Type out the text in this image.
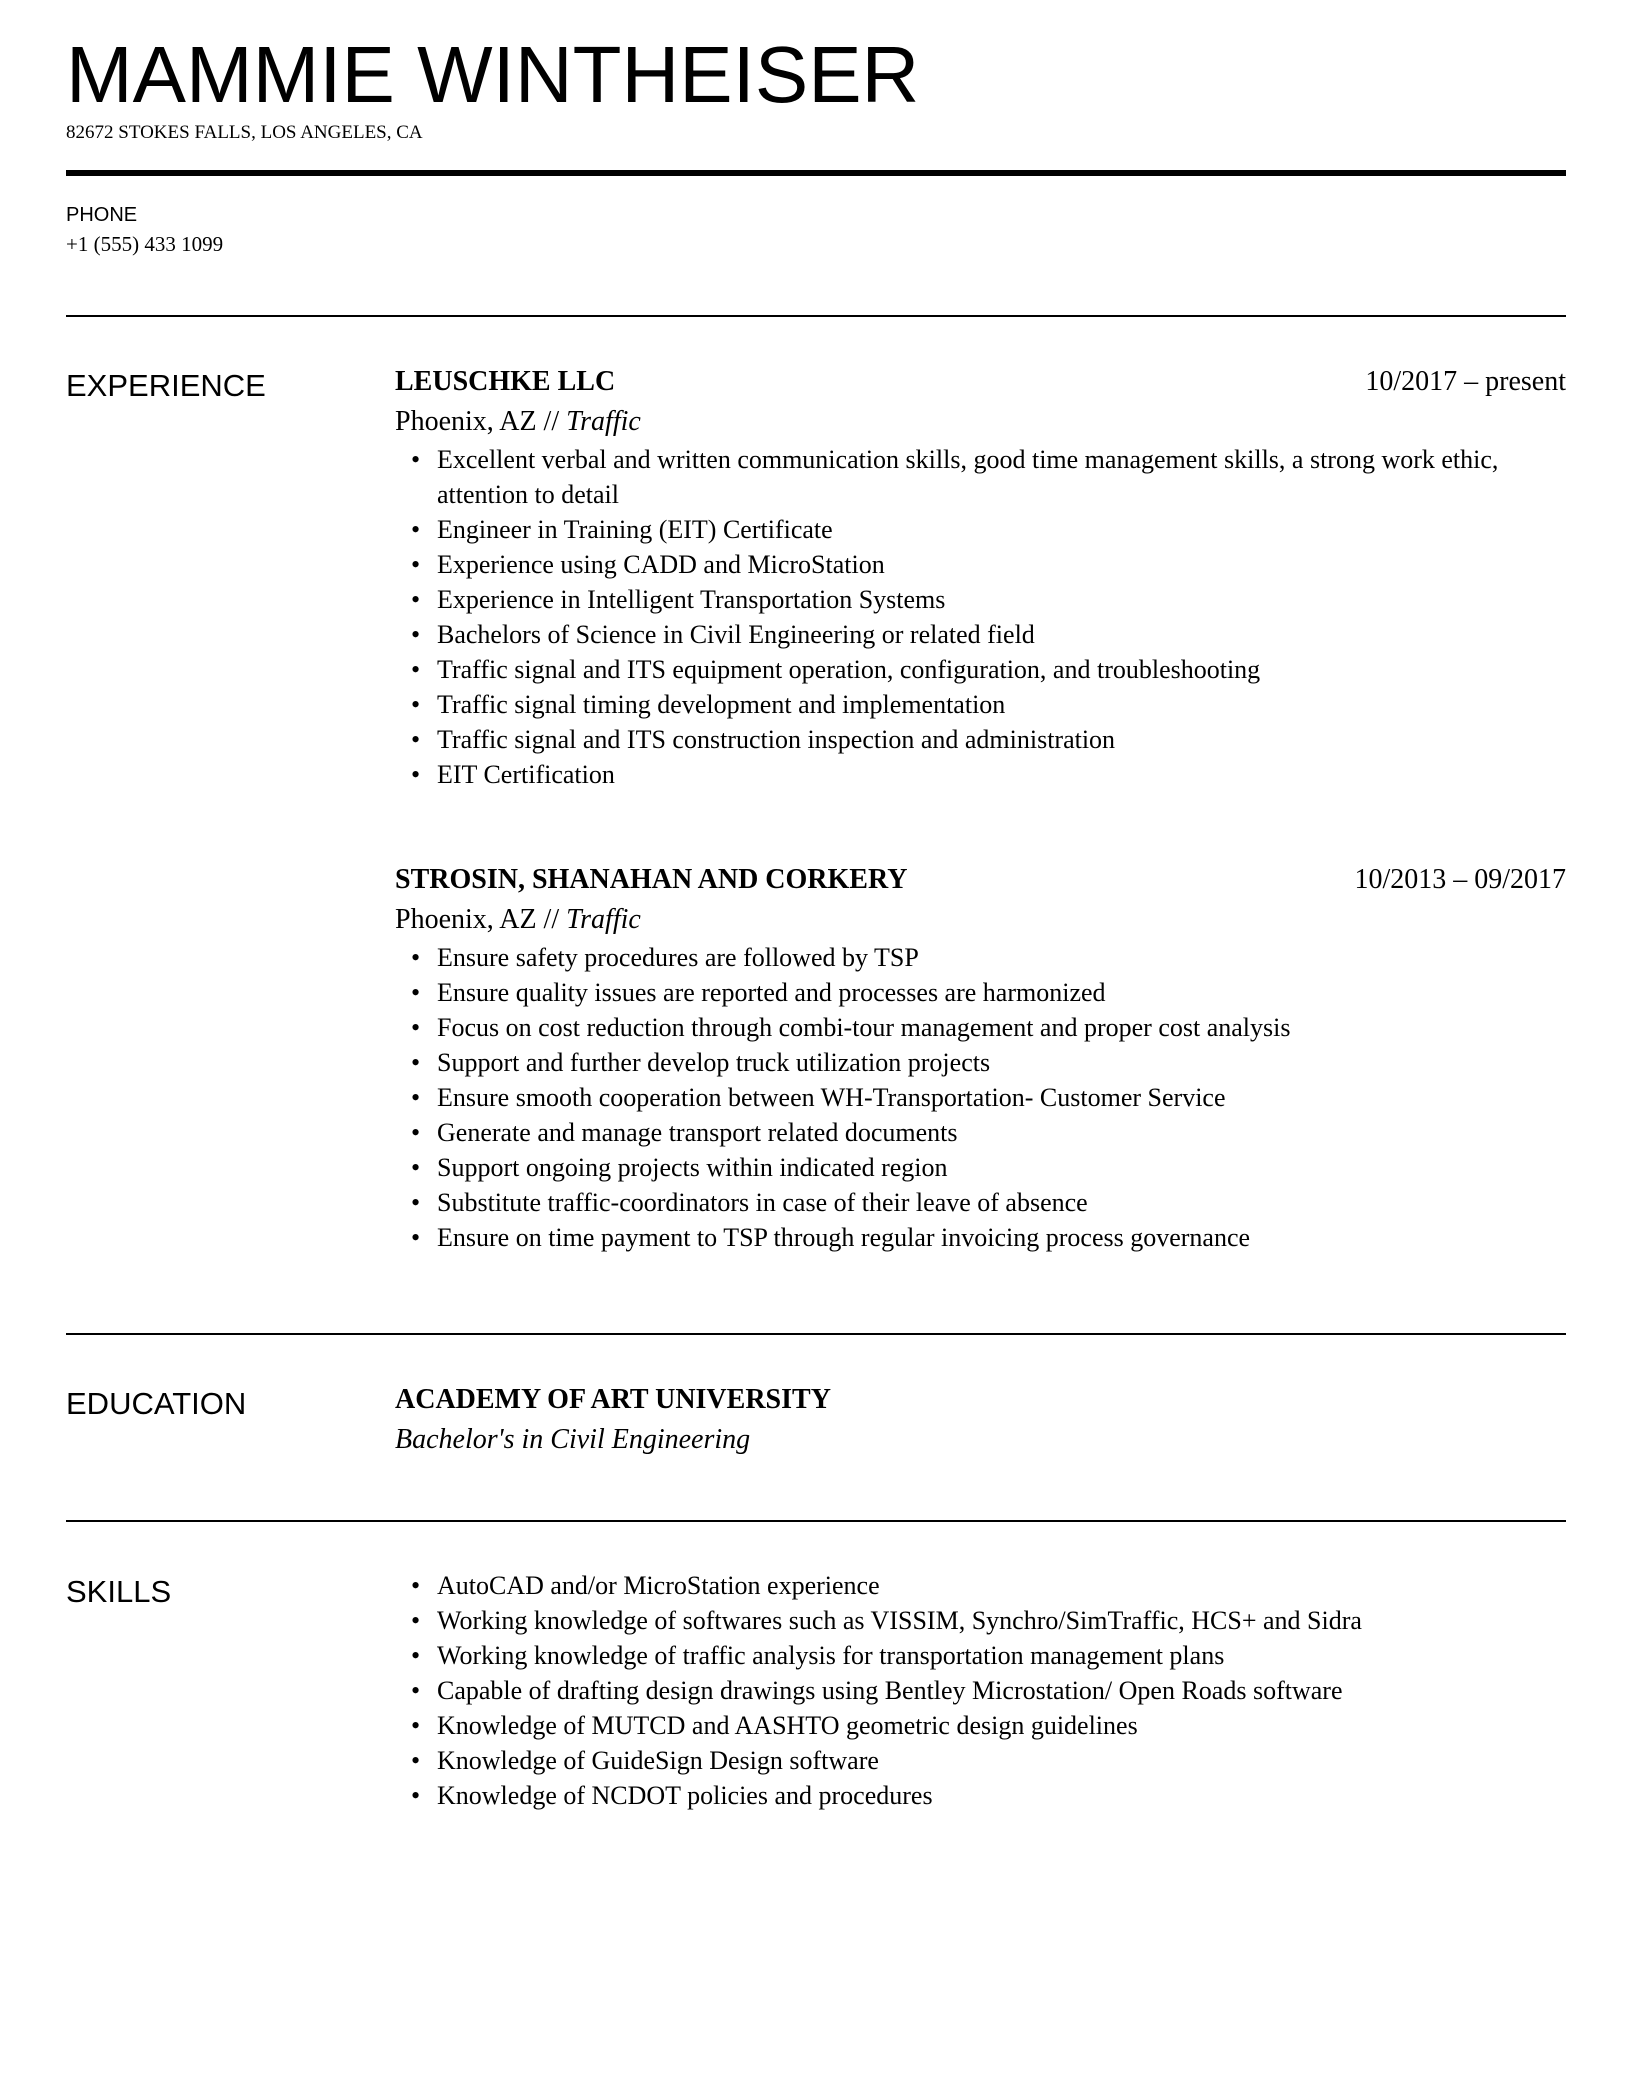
MAMMIE WINTHEISER
82672 STOKES FALLS, LOS ANGELES, CA
PHONE
+1 (555) 433 1099
EXPERIENCE	LEUSCHKE LLC	10/2017 – present
Phoenix, AZ // Traffic
• Excellent verbal and written communication skills, good time management skills, a strong work ethic, attention to detail
• Engineer in Training (EIT) Certificate
• Experience using CADD and MicroStation
• Experience in Intelligent Transportation Systems
• Bachelors of Science in Civil Engineering or related field
• Traffic signal and ITS equipment operation, configuration, and troubleshooting
• Traffic signal timing development and implementation
• Traffic signal and ITS construction inspection and administration
• EIT Certification
STROSIN, SHANAHAN AND CORKERY	10/2013 – 09/2017
Phoenix, AZ // Traffic
• Ensure safety procedures are followed by TSP
• Ensure quality issues are reported and processes are harmonized
• Focus on cost reduction through combi-tour management and proper cost analysis
• Support and further develop truck utilization projects
• Ensure smooth cooperation between WH-Transportation- Customer Service
• Generate and manage transport related documents
• Support ongoing projects within indicated region
• Substitute traffic-coordinators in case of their leave of absence
• Ensure on time payment to TSP through regular invoicing process governance
EDUCATION	ACADEMY OF ART UNIVERSITY
Bachelor's in Civil Engineering
SKILLS
•	AutoCAD and/or MicroStation experience
• Working knowledge of softwares such as VISSIM, Synchro/SimTraffic, HCS+ and Sidra
• Working knowledge of traffic analysis for transportation management plans
• Capable of drafting design drawings using Bentley Microstation/ Open Roads software
• Knowledge of MUTCD and AASHTO geometric design guidelines
• Knowledge of GuideSign Design software
• Knowledge of NCDOT policies and procedures
